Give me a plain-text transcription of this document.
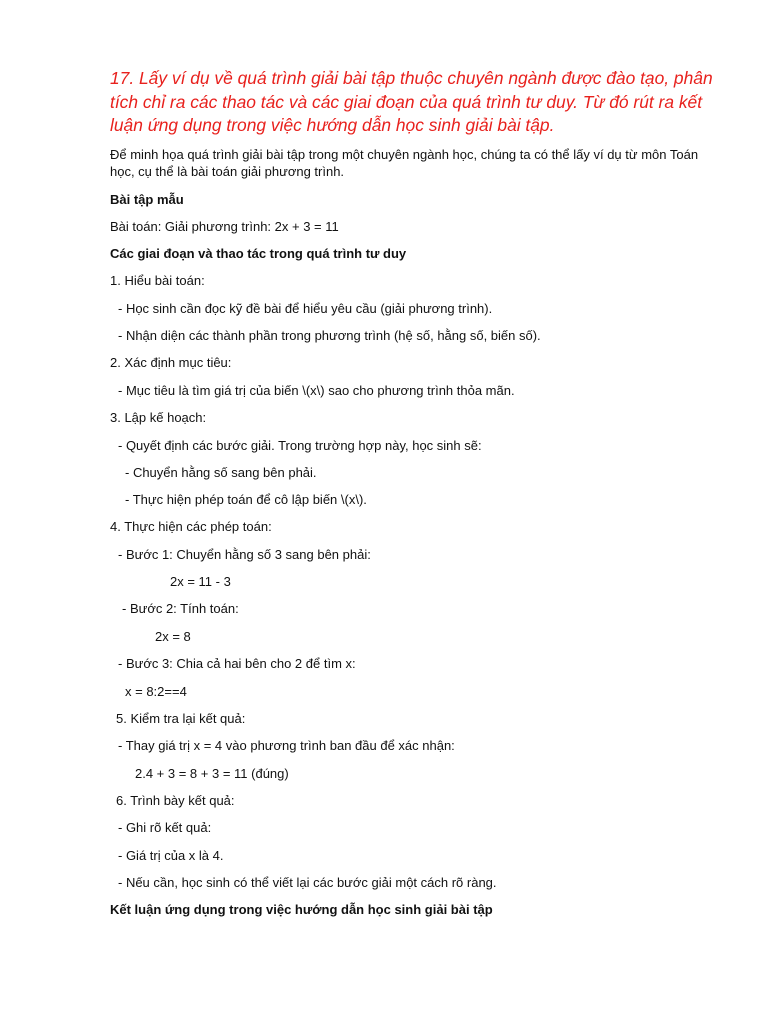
17. Lấy ví dụ về quá trình giải bài tập thuộc chuyên ngành được đào tạo, phân tích chỉ ra các thao tác và các giai đoạn của quá trình tư duy. Từ đó rút ra kết luận ứng dụng trong việc hướng dẫn học sinh giải bài tập.

Để minh họa quá trình giải bài tập trong một chuyên ngành học, chúng ta có thể lấy ví dụ từ môn Toán học, cụ thể là bài toán giải phương trình.

Bài tập mẫu

Bài toán: Giải phương trình: 2x + 3 = 11

Các giai đoạn và thao tác trong quá trình tư duy

1. Hiểu bài toán:

- Học sinh cần đọc kỹ đề bài để hiểu yêu cầu (giải phương trình).

- Nhận diện các thành phần trong phương trình (hệ số, hằng số, biến số).

2. Xác định mục tiêu:

- Mục tiêu là tìm giá trị của biến \(x\) sao cho phương trình thỏa mãn.

3. Lập kế hoạch:

- Quyết định các bước giải. Trong trường hợp này, học sinh sẽ:

- Chuyển hằng số sang bên phải.

- Thực hiện phép toán để cô lập biến \(x\).

4. Thực hiện các phép toán:

- Bước 1: Chuyển hằng số 3 sang bên phải:

2x = 11 - 3

- Bước 2: Tính toán:

2x = 8

- Bước 3: Chia cả hai bên cho 2 để tìm x:

x = 8:2==4

5. Kiểm tra lại kết quả:

- Thay giá trị x = 4 vào phương trình ban đầu để xác nhận:

2.4 + 3 = 8 + 3 = 11 (đúng)

6. Trình bày kết quả:

- Ghi rõ kết quả:

- Giá trị của x là 4.

- Nếu cần, học sinh có thể viết lại các bước giải một cách rõ ràng.

Kết luận ứng dụng trong việc hướng dẫn học sinh giải bài tập
